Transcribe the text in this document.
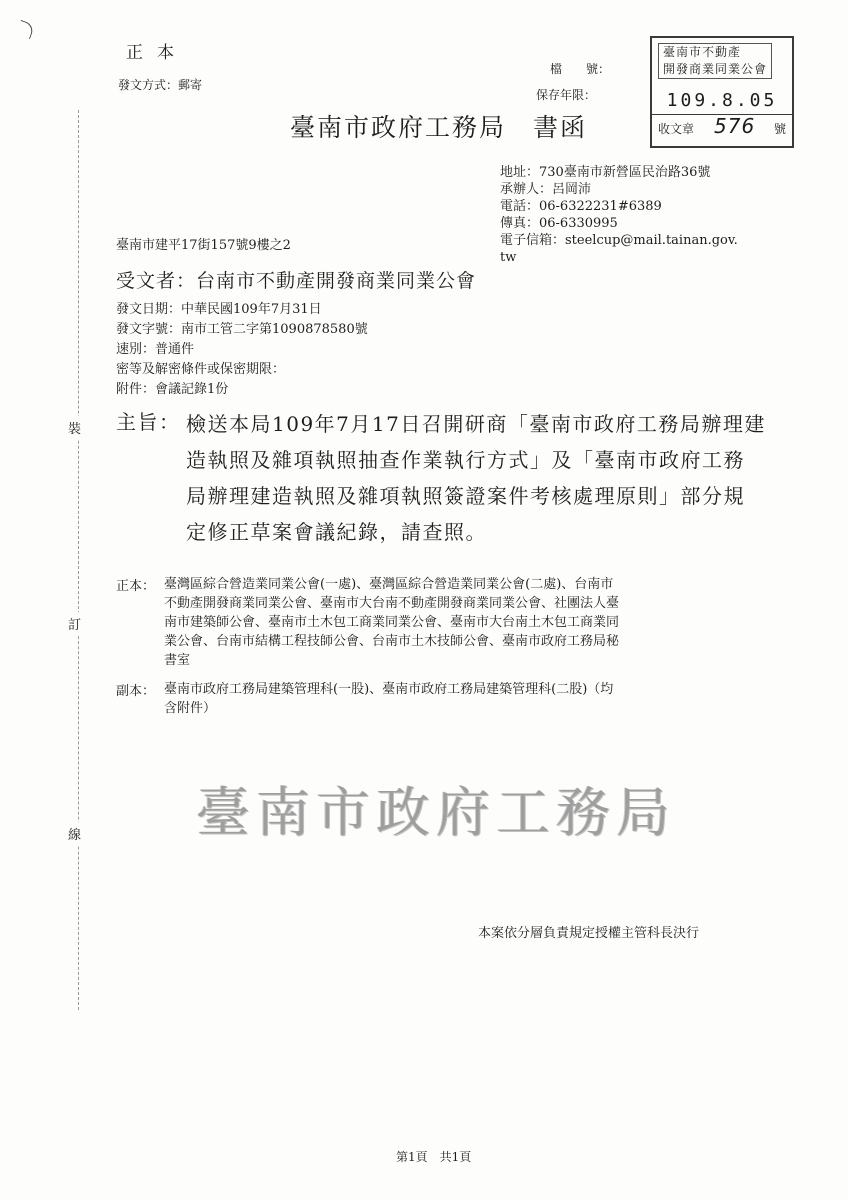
裝
訂
線
正本
發文方式：郵寄
檔　　號：
保存年限：
臺南市不動產
開發商業同業公會
109.8.05
收文章 576 號
臺南市政府工務局　書函
地址：730臺南市新營區民治路36號
承辦人：呂岡沛
電話：06-6322231#6389
傳真：06-6330995
電子信箱：steelcup@mail.tainan.gov.
tw
臺南市建平17街157號9樓之2
受文者：台南市不動產開發商業同業公會
發文日期：中華民國109年7月31日
發文字號：南市工管二字第1090878580號
速別：普通件
密等及解密條件或保密期限：
附件：會議記錄1份
主旨： 檢送本局109年7月17日召開研商「臺南市政府工務局辦理建
造執照及雜項執照抽查作業執行方式」及「臺南市政府工務
局辦理建造執照及雜項執照簽證案件考核處理原則」部分規
定修正草案會議紀錄，請查照。
正本： 臺灣區綜合營造業同業公會(一處)、臺灣區綜合營造業同業公會(二處)、台南市
不動產開發商業同業公會、臺南市大台南不動產開發商業同業公會、社團法人臺
南市建築師公會、臺南市土木包工商業同業公會、臺南市大台南土木包工商業同
業公會、台南市結構工程技師公會、台南市土木技師公會、臺南市政府工務局秘
書室
副本： 臺南市政府工務局建築管理科(一股)、臺南市政府工務局建築管理科(二股)（均
含附件）
臺南市政府工務局
本案依分層負責規定授權主管科長決行
第1頁　共1頁
